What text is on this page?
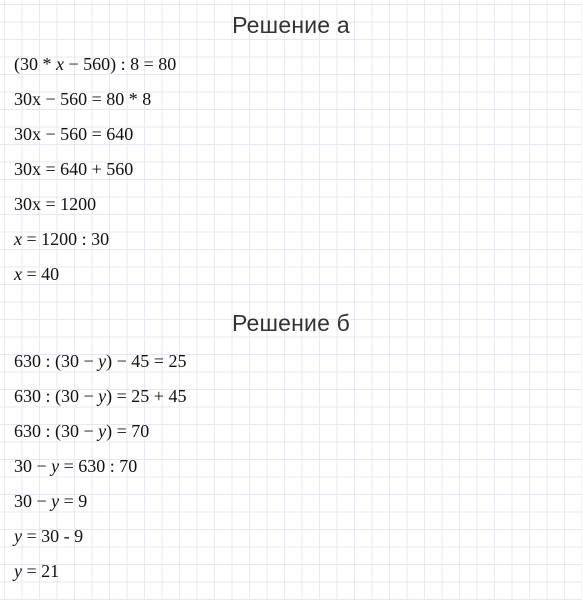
Решение а
(30 * x − 560) : 8 = 80
30x − 560 = 80 * 8
30x − 560 = 640
30x = 640 + 560
30x = 1200
x = 1200 : 30
x = 40
Решение б
630 : (30 − y) − 45 = 25
630 : (30 − y) = 25 + 45
630 : (30 − y) = 70
30 − y = 630 : 70
30 − y = 9
y = 30 - 9
y = 21
